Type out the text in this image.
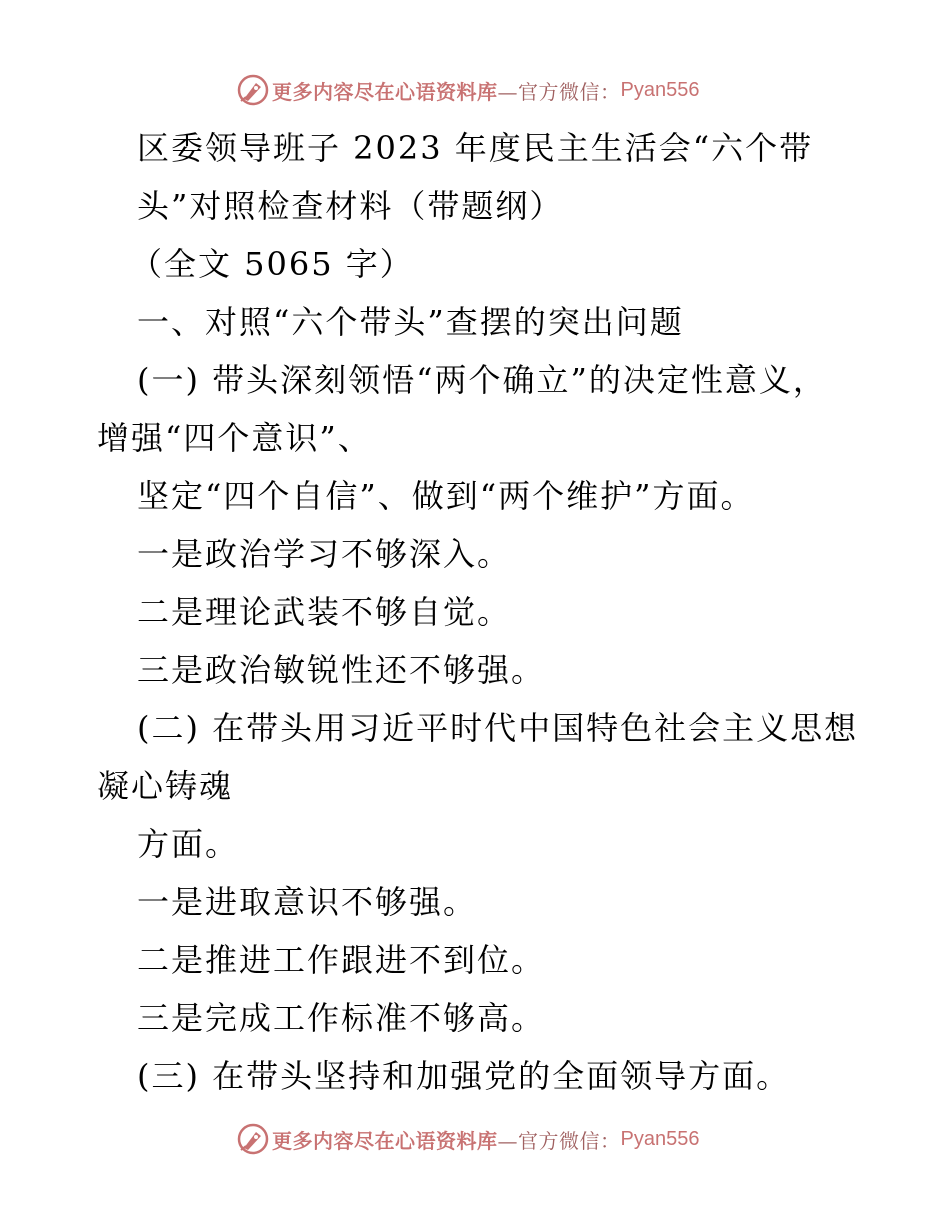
更多内容尽在心语资料库 —官方微信： Pyan556
区委领导班子 2023 年度民主生活会“六个带
头”对照检查材料（带题纲）
（全文 5065 字）
一、对照“六个带头”查摆的突出问题
(一) 带头深刻领悟“两个确立”的决定性意义，
增强“四个意识”、
坚定“四个自信”、做到“两个维护”方面。
一是政治学习不够深入。
二是理论武装不够自觉。
三是政治敏锐性还不够强。
(二) 在带头用习近平时代中国特色社会主义思想
凝心铸魂
方面。
一是进取意识不够强。
二是推进工作跟进不到位。
三是完成工作标准不够高。
(三) 在带头坚持和加强党的全面领导方面。
更多内容尽在心语资料库 —官方微信： Pyan556
